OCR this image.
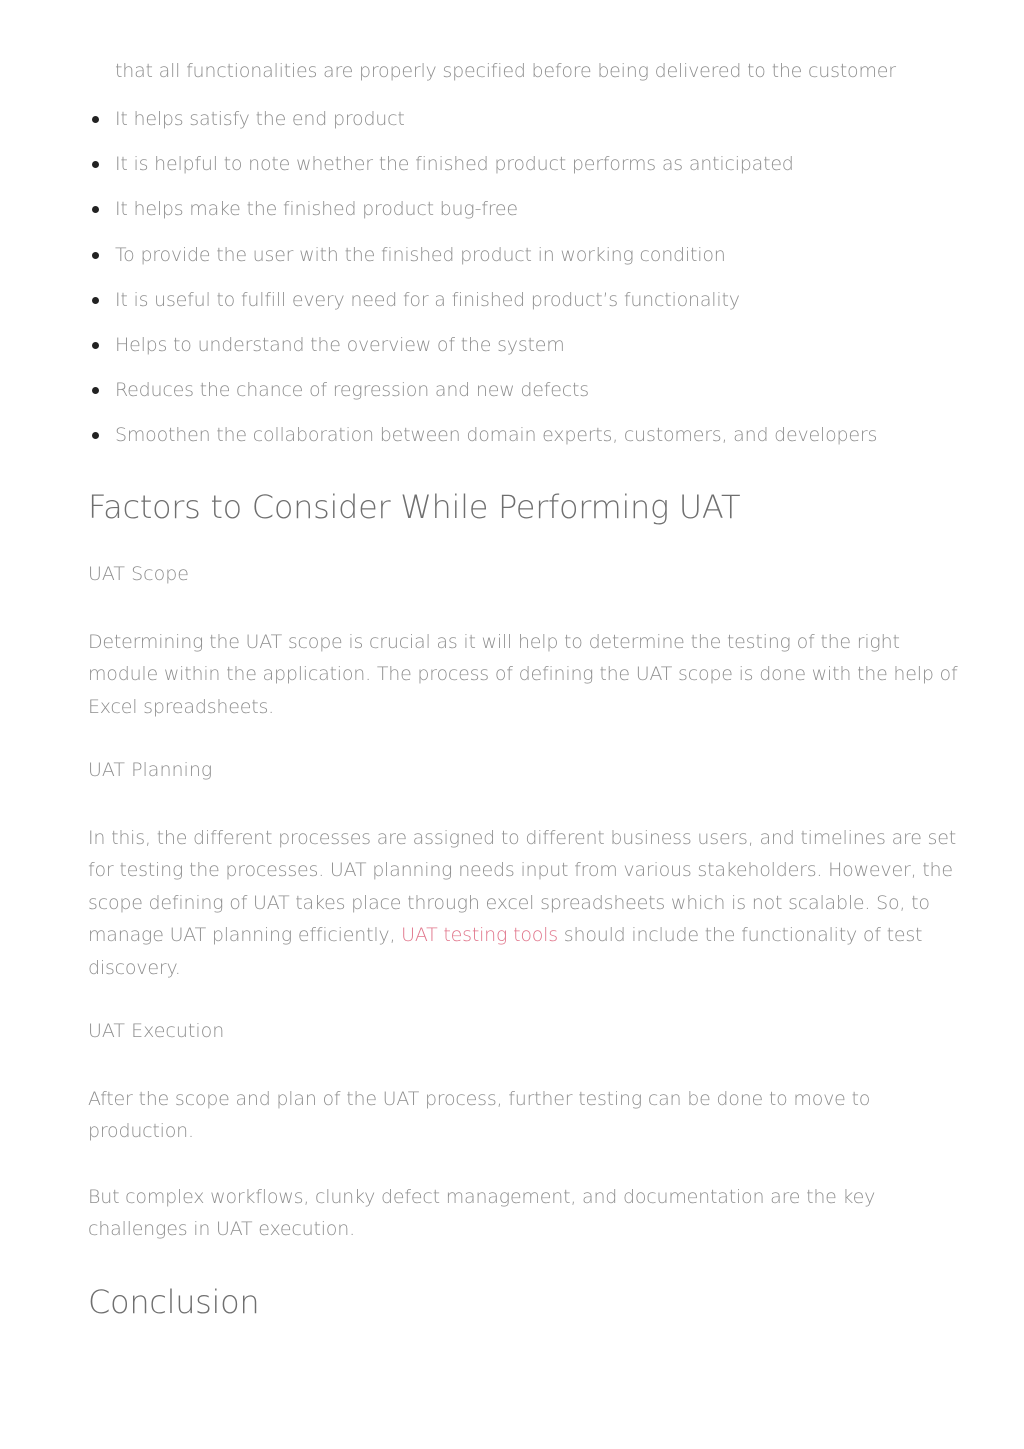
that all functionalities are properly specified before being delivered to the customer
It helps satisfy the end product
It is helpful to note whether the finished product performs as anticipated
It helps make the finished product bug-free
To provide the user with the finished product in working condition
It is useful to fulfill every need for a finished product’s functionality
Helps to understand the overview of the system
Reduces the chance of regression and new defects
Smoothen the collaboration between domain experts, customers, and developers
Factors to Consider While Performing UAT
UAT Scope
Determining the UAT scope is crucial as it will help to determine the testing of the right module within the application. The process of defining the UAT scope is done with the help of Excel spreadsheets.
UAT Planning
In this, the different processes are assigned to different business users, and timelines are set for testing the processes. UAT planning needs input from various stakeholders. However, the scope defining of UAT takes place through excel spreadsheets which is not scalable. So, to manage UAT planning efficiently, UAT testing tools should include the functionality of test discovery.
UAT Execution
After the scope and plan of the UAT process, further testing can be done to move to production.
But complex workflows, clunky defect management, and documentation are the key challenges in UAT execution.
Conclusion
